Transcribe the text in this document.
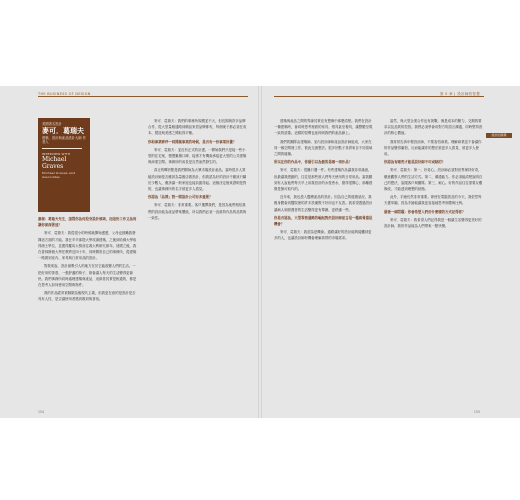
THE BUSINESS OF DESIGN
美國著名設計
麥可．葛瑞夫
建築、設計與產品設計大師 作者人
INTERVIEW WITH
Michael Graves
Michael Graves and Associates

嘉創：葛瑞夫先生，請問你為何投身設計領域，而這份工作又為何讓你深深著迷？

麥可．葛瑞夫：我從很小的時候就開始畫畫，父母也鼓勵我發揮這方面的才能。我在辛辛那提大學攻讀建築，之後到哈佛大學取得碩士學位，並獲得羅馬大獎前往義大利研究兩年。回國之後，我在普林斯頓大學任教將近四十年，同時開設自己的事務所，從建築一路做到室內、家具與日常用品的設計。

對我來說，設計最吸引人的地方在於它能改變人們的生活。一把好用的茶壺、一張舒適的椅子，都會讓人每天的生活變得更愉快。我們事務所同時處理建築與產品，這兩者其實是相通的，都是在思考人如何使用空間與物件。

我的作品經常被歸類為後現代主義，但我更在意的是設計是否具有人性、是否讓使用者感到親切與喜悅。

麥可．葛瑞夫：我們的事務所規模並不大，但長期與許多品牌合作，從大型量販通路到精品家居品牌都有，每個案子都必須在成本、製造與美感之間取得平衡。

你和事業夥伴一同開創事業的時候，是否有一份事業計畫？

麥可．葛瑞夫：並沒有正式的計畫。一開始我們只是接一些小型的住宅案，慢慢累積口碑，接著才有機會承接更大型的公共建築與商業空間。事務所的成長是自然而然發生的。

真正的轉折點是我們開始為大眾市場設計產品。當時很多人質疑設計師是否應該為量販店做設計，但我認為好的設計不應該只屬於少數人，應該讓一般家庭也能負擔得起。這個決定後來證明是對的，也讓事務所的名字被更多人看見。

你認為「品牌」對一間設計公司有多重要？

麥可．葛瑞夫：非常重要。客戶選擇我們，是因為他們相信我們的設計能為產品帶來價值，所以我們必須一直維持作品的品質與一致性。

154
第 5 章 | 設計師的智慧
設計的商業

建築與產品之間的界線其實沒有想像中那麼清楚。我們在設計一棟建築時，會同時思考裡面的家具、燈具甚至餐具，讓整體呈現一致的語彙。這樣的習慣也延伸到我們的產品線上。

我們的團隊由建築師、室內設計師和產品設計師組成，大家在同一個空間裡工作，彼此交流想法。很多好點子其實來自不同領域之間的碰撞。

所以在你的作品中，你最引以為傲的是哪一項作品？

麥可．葛瑞夫：很難只選一件。有些建築作品讓我非常滿意，但最讓我感動的，往往是那些被人們每天使用的日常用品。當我聽到有人說他們每天早上用我設計的水壺煮水，覺得很開心，那種感覺是無可取代的。

近年來，我也投入醫療產品的設計。因為自己的健康狀況，我親身體會到醫院裡的許多設備既不好用也不友善。我希望透過設計讓病人和照護者的生活變得更有尊嚴、更舒適一些。

你是否認為，大型零售通路的崛起對於設計師而言是一種威脅還是機會？

麥可．葛瑞夫：我認為是機會。通路讓好的設計能夠接觸到更多的人，也讓設計師有機會理解真實的市場需求。

當然，與大型企業合作也有挑戰，像是成本的壓力、交期的要求以及品質的控管。我們必須學會用對方的語言溝通，同時堅持設計的核心價值。

我常常告訴年輕設計師，不要害怕商業。理解商業並不會讓你的作品變得庸俗，反而能讓你的想法被更多人看見、被更多人使用。

你認為有哪些才能是設計師不可或缺的？

麥可．葛瑞夫：第一，好奇心。設計師必須對世界保持好奇，願意觀察人們的生活方式。第二，溝通能力。你必須能清楚說明自己的想法，說服客戶與團隊。第三，耐心。好的作品往往需要反覆修改，才能達到理想的狀態。

此外，手繪仍然非常重要。即使在電腦普及的今天，我依然每天畫草圖，因為手繪能讓我更直接地思考形體與比例。

最後一個問題：你會希望人們用什麼樣的方式記得你？

麥可．葛瑞夫：我希望人們記得我是一個讓生活變得更美好的設計師，我的作品能為人們帶來一點快樂。

155
